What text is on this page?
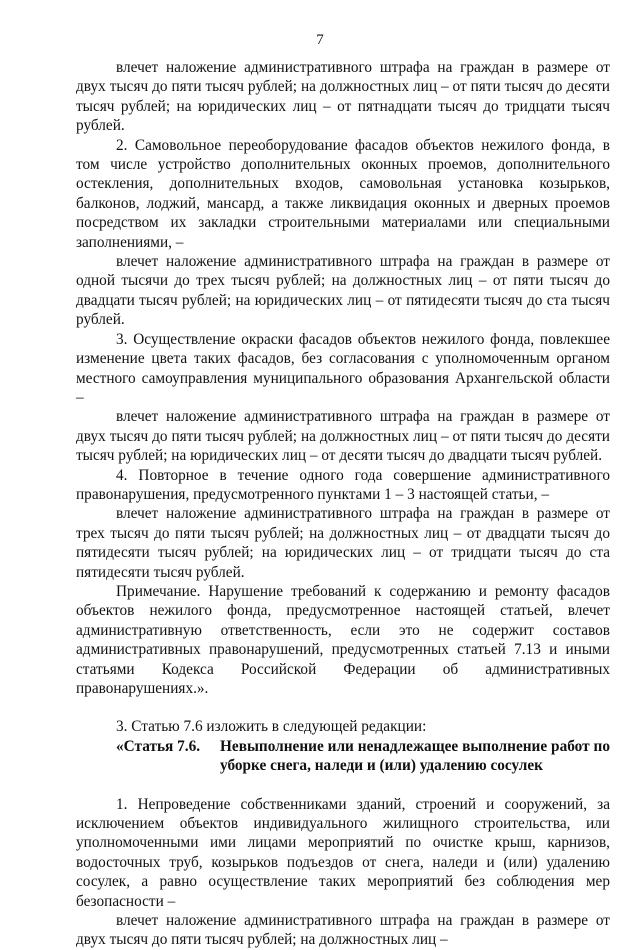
7

влечет наложение административного штрафа на граждан в размере от двух тысяч до пяти тысяч рублей; на должностных лиц – от пяти тысяч до десяти тысяч рублей; на юридических лиц – от пятнадцати тысяч до тридцати тысяч рублей.

2. Самовольное переоборудование фасадов объектов нежилого фонда, в том числе устройство дополнительных оконных проемов, дополнительного остекления, дополнительных входов, самовольная установка козырьков, балконов, лоджий, мансард, а также ликвидация оконных и дверных проемов посредством их закладки строительными материалами или специальными заполнениями, –

влечет наложение административного штрафа на граждан в размере от одной тысячи до трех тысяч рублей; на должностных лиц – от пяти тысяч до двадцати тысяч рублей; на юридических лиц – от пятидесяти тысяч до ста тысяч рублей.

3. Осуществление окраски фасадов объектов нежилого фонда, повлекшее изменение цвета таких фасадов, без согласования с уполномоченным органом местного самоуправления муниципального образования Архангельской области –

влечет наложение административного штрафа на граждан в размере от двух тысяч до пяти тысяч рублей; на должностных лиц – от пяти тысяч до десяти тысяч рублей; на юридических лиц – от десяти тысяч до двадцати тысяч рублей.

4. Повторное в течение одного года совершение административного правонарушения, предусмотренного пунктами 1 – 3 настоящей статьи, –

влечет наложение административного штрафа на граждан в размере от трех тысяч до пяти тысяч рублей; на должностных лиц – от двадцати тысяч до пятидесяти тысяч рублей; на юридических лиц – от тридцати тысяч до ста пятидесяти тысяч рублей.

Примечание. Нарушение требований к содержанию и ремонту фасадов объектов нежилого фонда, предусмотренное настоящей статьей, влечет административную ответственность, если это не содержит составов административных правонарушений, предусмотренных статьей 7.13 и иными статьями Кодекса Российской Федерации об административных правонарушениях.».

3. Статью 7.6 изложить в следующей редакции:

«Статья 7.6.	Невыполнение или ненадлежащее выполнение работ по уборке снега, наледи и (или) удалению сосулек

1. Непроведение собственниками зданий, строений и сооружений, за исключением объектов индивидуального жилищного строительства, или уполномоченными ими лицами мероприятий по очистке крыш, карнизов, водосточных труб, козырьков подъездов от снега, наледи и (или) удалению сосулек, а равно осуществление таких мероприятий без соблюдения мер безопасности –

влечет наложение административного штрафа на граждан в размере от двух тысяч до пяти тысяч рублей; на должностных лиц –
